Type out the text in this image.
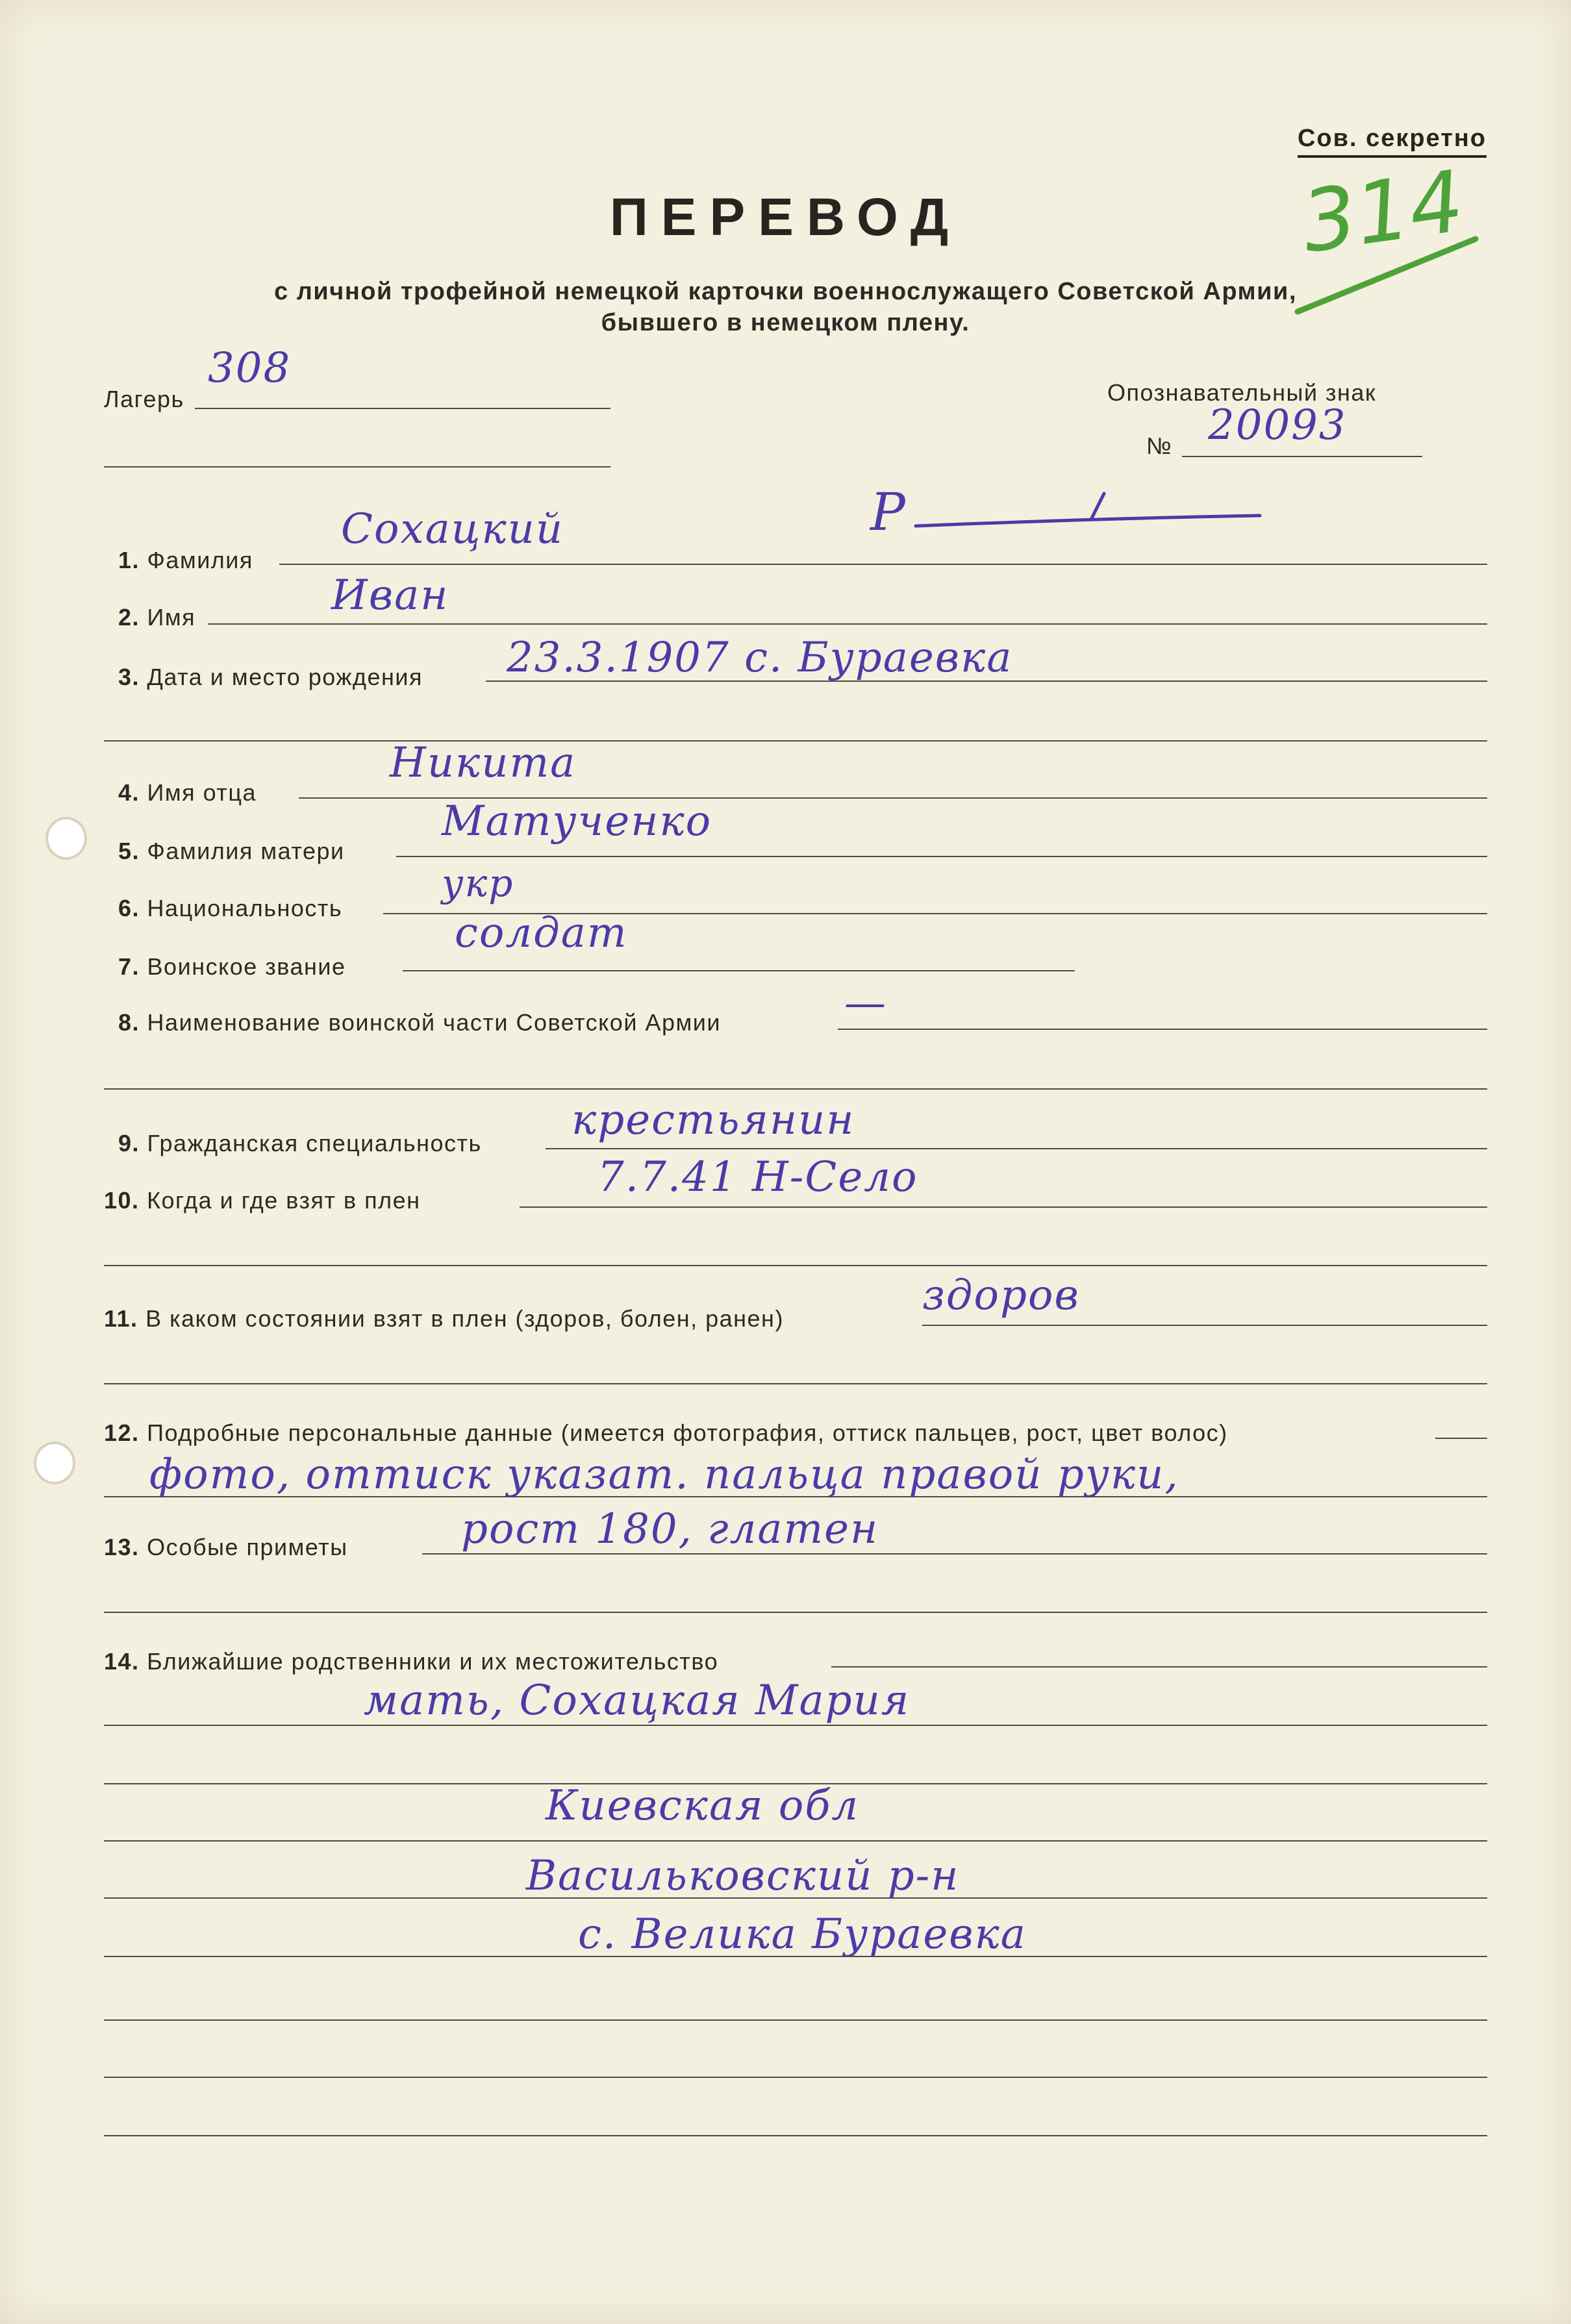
Сов. секретно
314
ПЕРЕВОД
с личной трофейной немецкой карточки военнослужащего Советской Армии,
бывшего в немецком плену.
Лагерь
308
Опознавательный знак
№ 20093
1. Фамилия
Сохацкий	Р
2. Имя	Иван
3. Дата и место рождения 23.3.1907 с. Бураевка
4. Имя отца
Никита
5. Фамилия матери
Матученко
6. Национальность
укр
7. Воинское звание
солдат
8. Наименование воинской части Советской Армии	—
9. Гражданская специальность крестьянин
10. Когда и где взят в плен	7.7.41 Н-Село
11. В каком состоянии взят в плен (здоров, болен, ранен)	здоров
12. Подробные персональные данные (имеется фотография, оттиск пальцев, рост, цвет волос)
фото, оттиск указат. пальца правой руки,
13. Особые приметы	рост 180, глатен
14. Ближайшие родственники и их местожительство
мать, Сохацкая Мария
Киевская обл
Васильковский р-н
с. Велика Бураевка
